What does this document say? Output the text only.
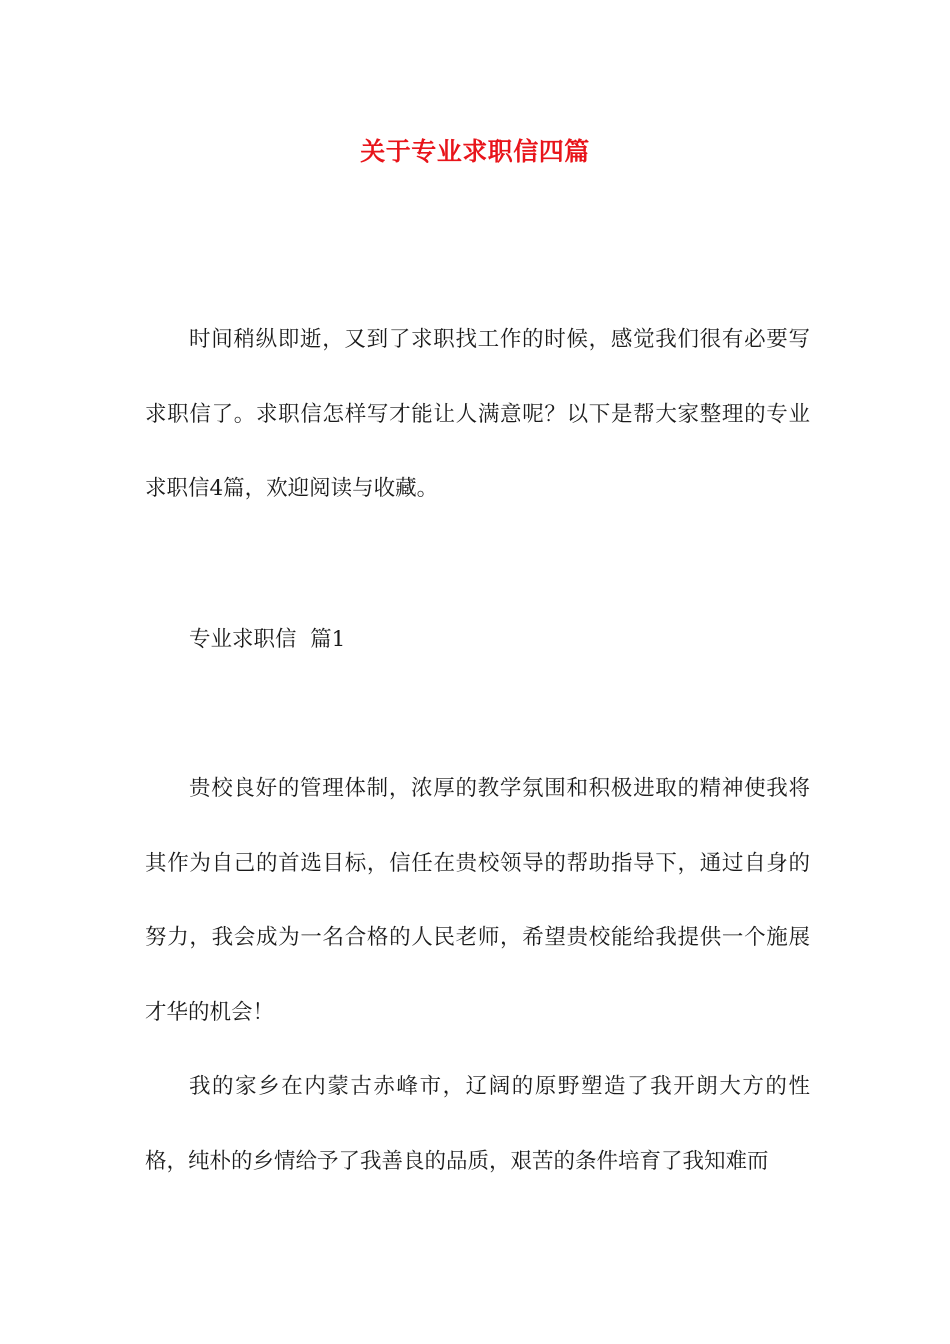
关于专业求职信四篇

时间稍纵即逝，又到了求职找工作的时候，感觉我们很有必要写求职信了。求职信怎样写才能让人满意呢？以下是帮大家整理的专业求职信4篇，欢迎阅读与收藏。

专业求职信  篇1

贵校良好的管理体制，浓厚的教学氛围和积极进取的精神使我将其作为自己的首选目标，信任在贵校领导的帮助指导下，通过自身的努力，我会成为一名合格的人民老师，希望贵校能给我提供一个施展才华的机会！

我的家乡在内蒙古赤峰市，辽阔的原野塑造了我开朗大方的性格，纯朴的乡情给予了我善良的品质，艰苦的条件培育了我知难而
